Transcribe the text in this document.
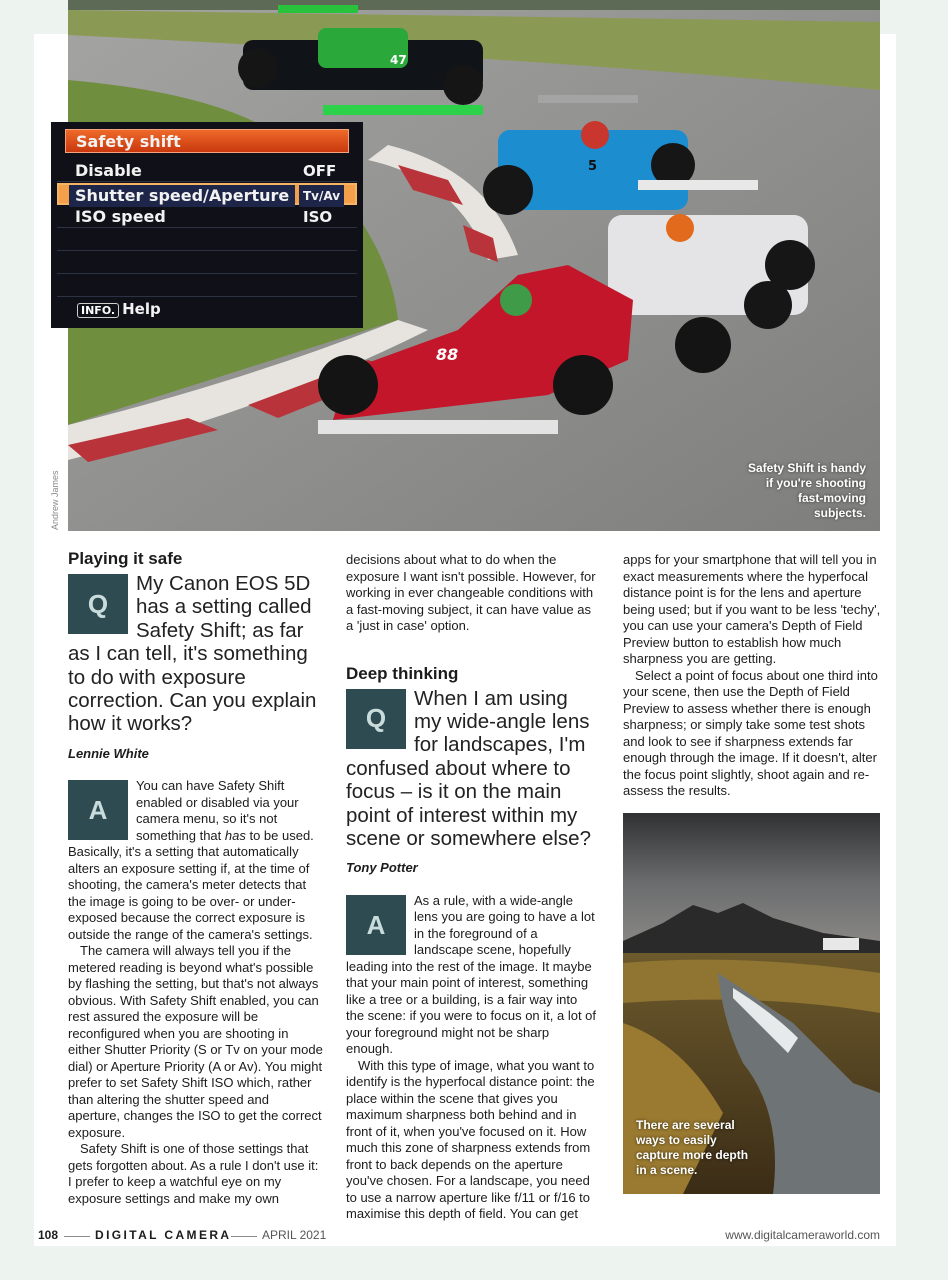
47
5
88
Safety Shift is handy if you're shooting fast-moving subjects.
Andrew James
Safety shift
Disable	OFF
Shutter speed/Aperture	Tv/Av
ISO speed	ISO
INFO. Help
Playing it safe
Q

My Canon EOS 5D has a setting called Safety Shift; as far as I can tell, it's something to do with exposure correction. Can you explain how it works?

Lennie White
A

You can have Safety Shift enabled or disabled via your camera menu, so it's not something that has to be used. Basically, it's a setting that automatically alters an exposure setting if, at the time of shooting, the camera's meter detects that the image is going to be over- or under-exposed because the correct exposure is outside the range of the camera's settings.

The camera will always tell you if the metered reading is beyond what's possible by flashing the setting, but that's not always obvious. With Safety Shift enabled, you can rest assured the exposure will be reconfigured when you are shooting in either Shutter Priority (S or Tv on your mode dial) or Aperture Priority (A or Av). You might prefer to set Safety Shift ISO which, rather than altering the shutter speed and aperture, changes the ISO to get the correct exposure.

Safety Shift is one of those settings that gets forgotten about. As a rule I don't use it: I prefer to keep a watchful eye on my exposure settings and make my own

decisions about what to do when the exposure I want isn't possible. However, for working in ever changeable conditions with a fast-moving subject, it can have value as a 'just in case' option.

Deep thinking
Q

When I am using my wide-angle lens for landscapes, I'm confused about where to focus – is it on the main point of interest within my scene or somewhere else?

Tony Potter
A

As a rule, with a wide-angle lens you are going to have a lot in the foreground of a landscape scene, hopefully leading into the rest of the image. It maybe that your main point of interest, something like a tree or a building, is a fair way into the scene: if you were to focus on it, a lot of your foreground might not be sharp enough.

With this type of image, what you want to identify is the hyperfocal distance point: the place within the scene that gives you maximum sharpness both behind and in front of it, when you've focused on it. How much this zone of sharpness extends from front to back depends on the aperture you've chosen. For a landscape, you need to use a narrow aperture like f/11 or f/16 to maximise this depth of field. You can get

apps for your smartphone that will tell you in exact measurements where the hyperfocal distance point is for the lens and aperture being used; but if you want to be less 'techy', you can use your camera's Depth of Field Preview button to establish how much sharpness you are getting.

Select a point of focus about one third into your scene, then use the Depth of Field Preview to assess whether there is enough sharpness; or simply take some test shots and look to see if sharpness extends far enough through the image. If it doesn't, alter the focus point slightly, shoot again and re-assess the results.

There are several ways to easily capture more depth in a scene.
108	DIGITAL CAMERA	APRIL 2021	www.digitalcameraworld.com
